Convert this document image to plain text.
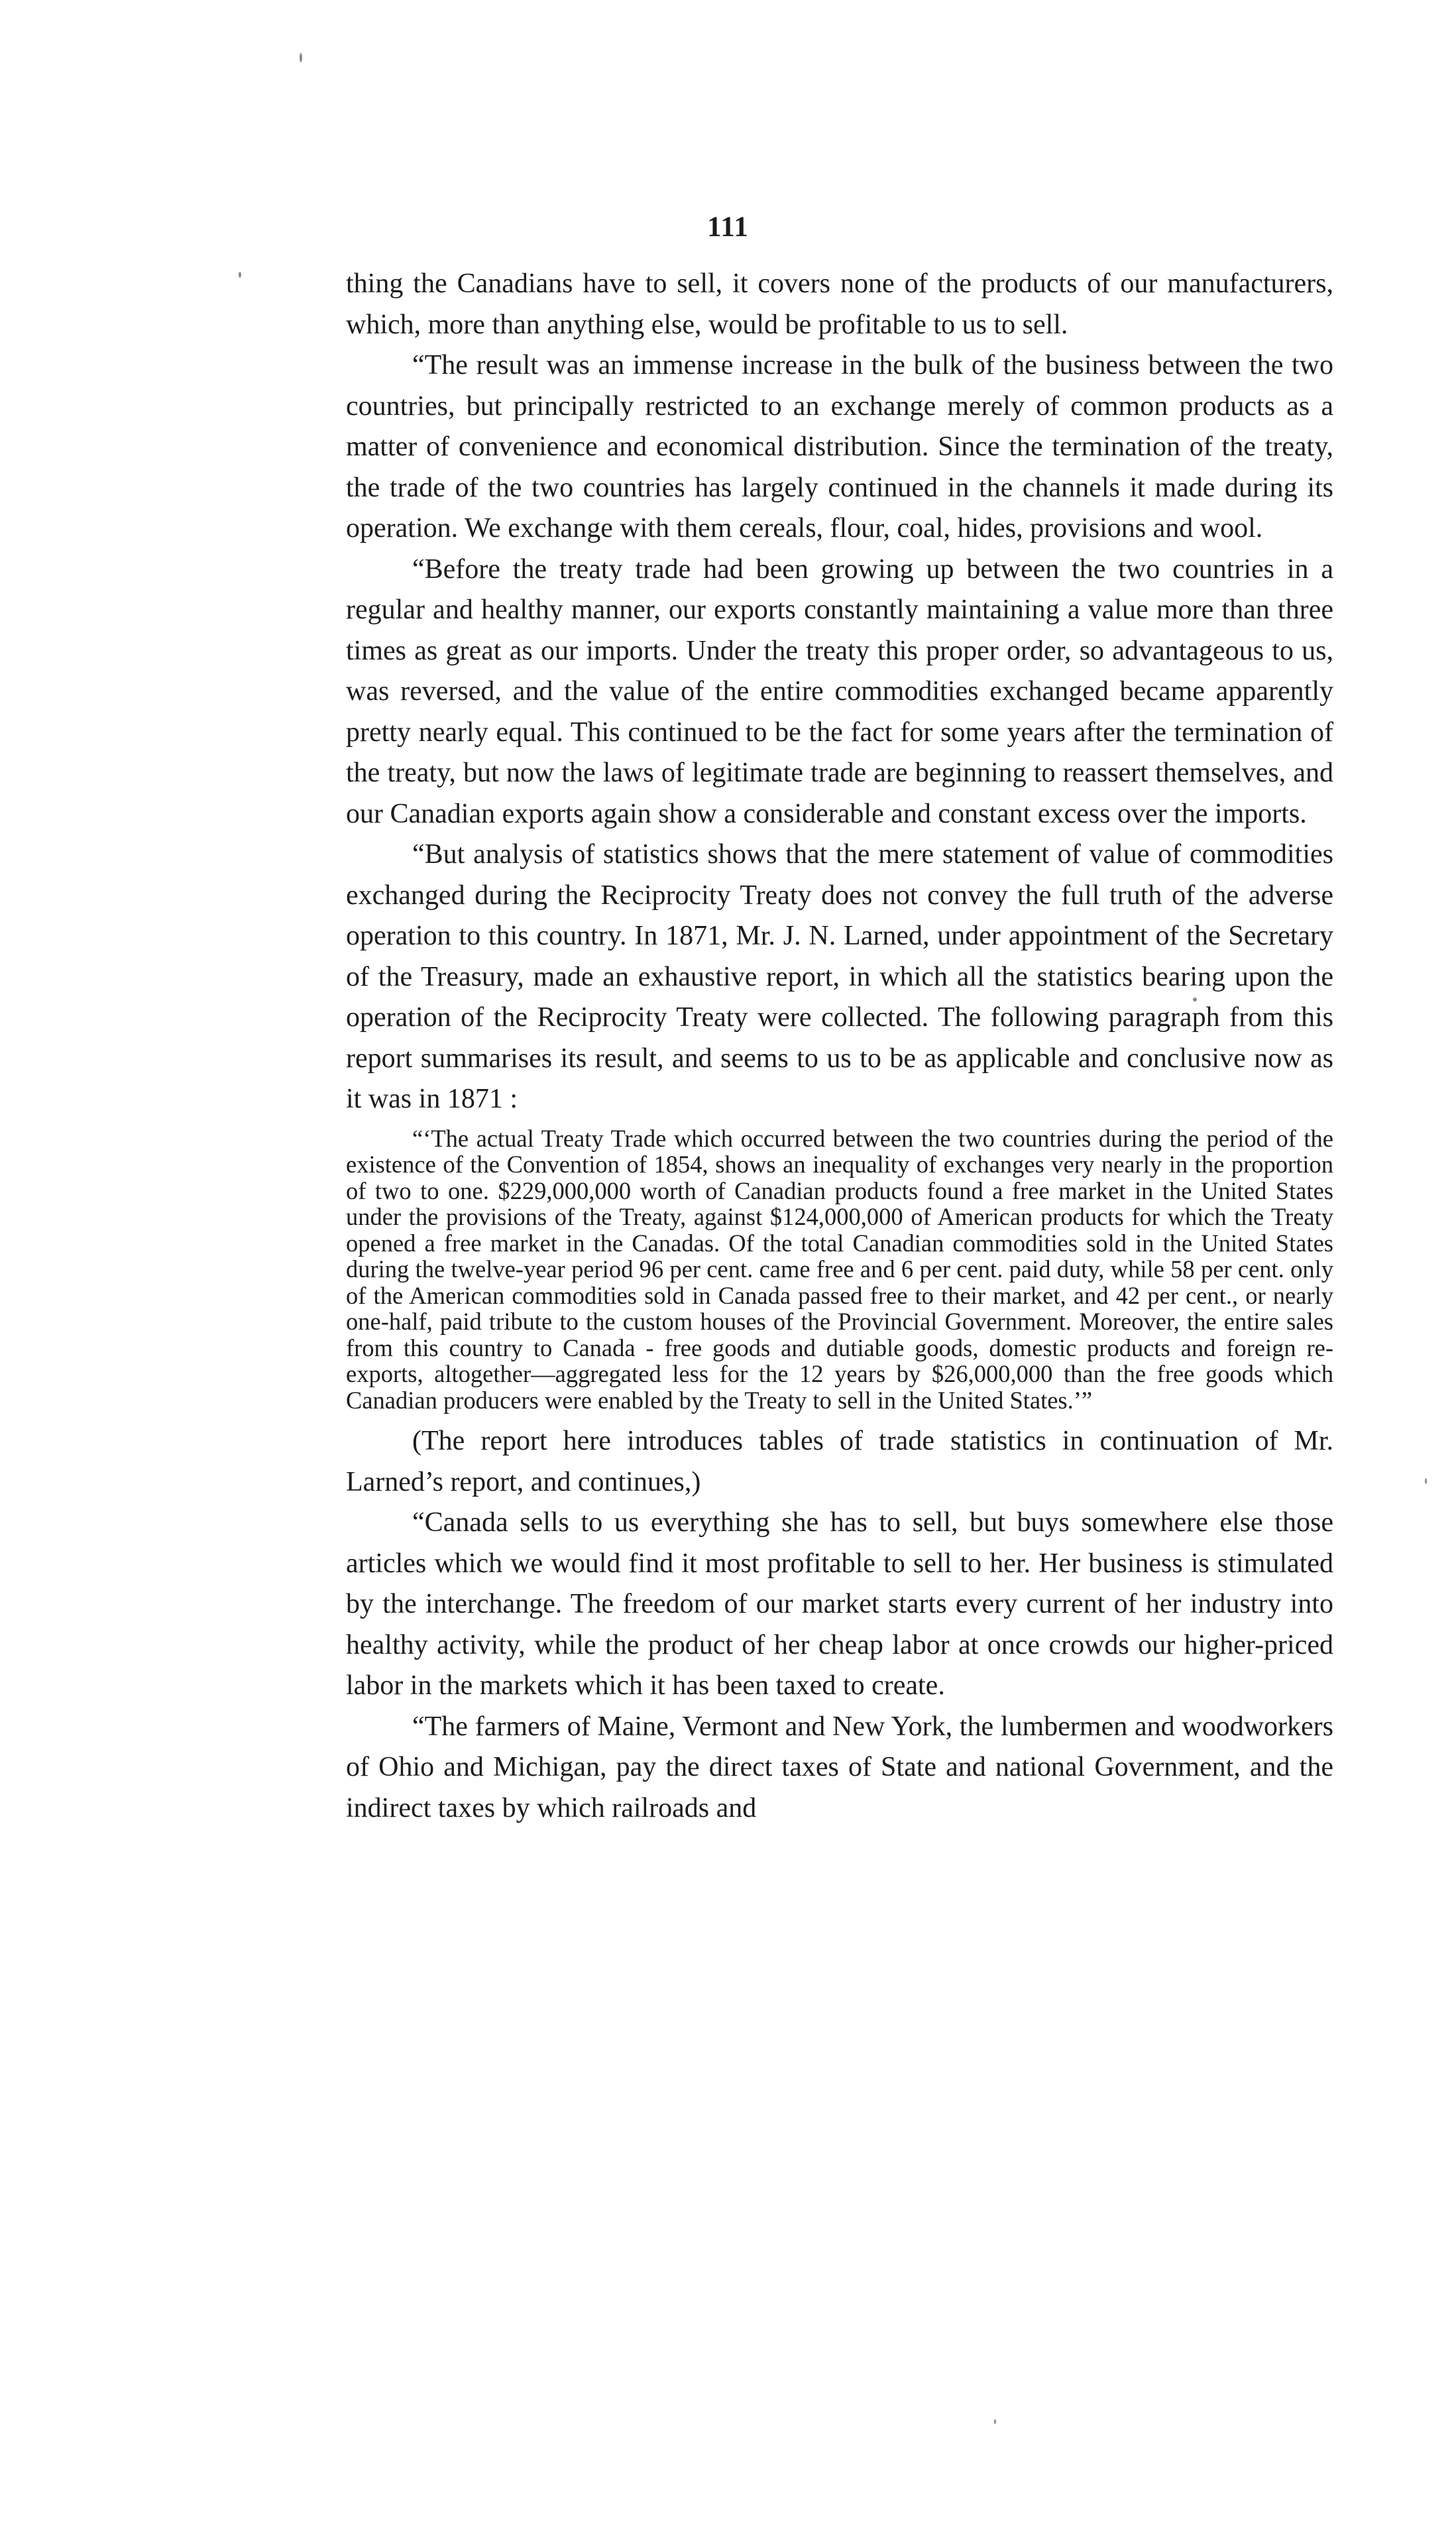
111

thing the Canadians have to sell, it covers none of the products of our manufacturers, which, more than anything else, would be profitable to us to sell.

“The result was an immense increase in the bulk of the business between the two countries, but principally restricted to an exchange merely of common products as a matter of convenience and economical distribution. Since the termination of the treaty, the trade of the two countries has largely continued in the channels it made during its operation. We exchange with them cereals, flour, coal, hides, provisions and wool.

“Before the treaty trade had been growing up between the two countries in a regular and healthy manner, our exports constantly maintaining a value more than three times as great as our imports. Under the treaty this proper order, so advantageous to us, was reversed, and the value of the entire commodities exchanged became apparently pretty nearly equal. This continued to be the fact for some years after the termination of the treaty, but now the laws of legitimate trade are beginning to reassert themselves, and our Canadian exports again show a considerable and constant excess over the imports.

“But analysis of statistics shows that the mere statement of value of commodities exchanged during the Reciprocity Treaty does not convey the full truth of the adverse operation to this country. In 1871, Mr. J. N. Larned, under appointment of the Secretary of the Treasury, made an exhaustive report, in which all the statistics bearing upon the operation of the Reciprocity Treaty were collected. The following paragraph from this report summarises its result, and seems to us to be as applicable and conclusive now as it was in 1871 :

“‘The actual Treaty Trade which occurred between the two countries during the period of the existence of the Convention of 1854, shows an inequality of exchanges very nearly in the proportion of two to one. $229,000,000 worth of Canadian products found a free market in the United States under the provisions of the Treaty, against $124,000,000 of American products for which the Treaty opened a free market in the Canadas. Of the total Canadian commodities sold in the United States during the twelve-year period 96 per cent. came free and 6 per cent. paid duty, while 58 per cent. only of the American commodities sold in Canada passed free to their market, and 42 per cent., or nearly one-half, paid tribute to the custom houses of the Provincial Government. Moreover, the entire sales from this country to Canada - free goods and dutiable goods, domestic products and foreign re-exports, altogether—aggregated less for the 12 years by $26,000,000 than the free goods which Canadian producers were enabled by the Treaty to sell in the United States.’”

(The report here introduces tables of trade statistics in continuation of Mr. Larned’s report, and continues,)

“Canada sells to us everything she has to sell, but buys somewhere else those articles which we would find it most profitable to sell to her. Her business is stimulated by the interchange. The freedom of our market starts every current of her industry into healthy activity, while the product of her cheap labor at once crowds our higher-priced labor in the markets which it has been taxed to create.

“The farmers of Maine, Vermont and New York, the lumbermen and woodworkers of Ohio and Michigan, pay the direct taxes of State and national Government, and the indirect taxes by which railroads and
